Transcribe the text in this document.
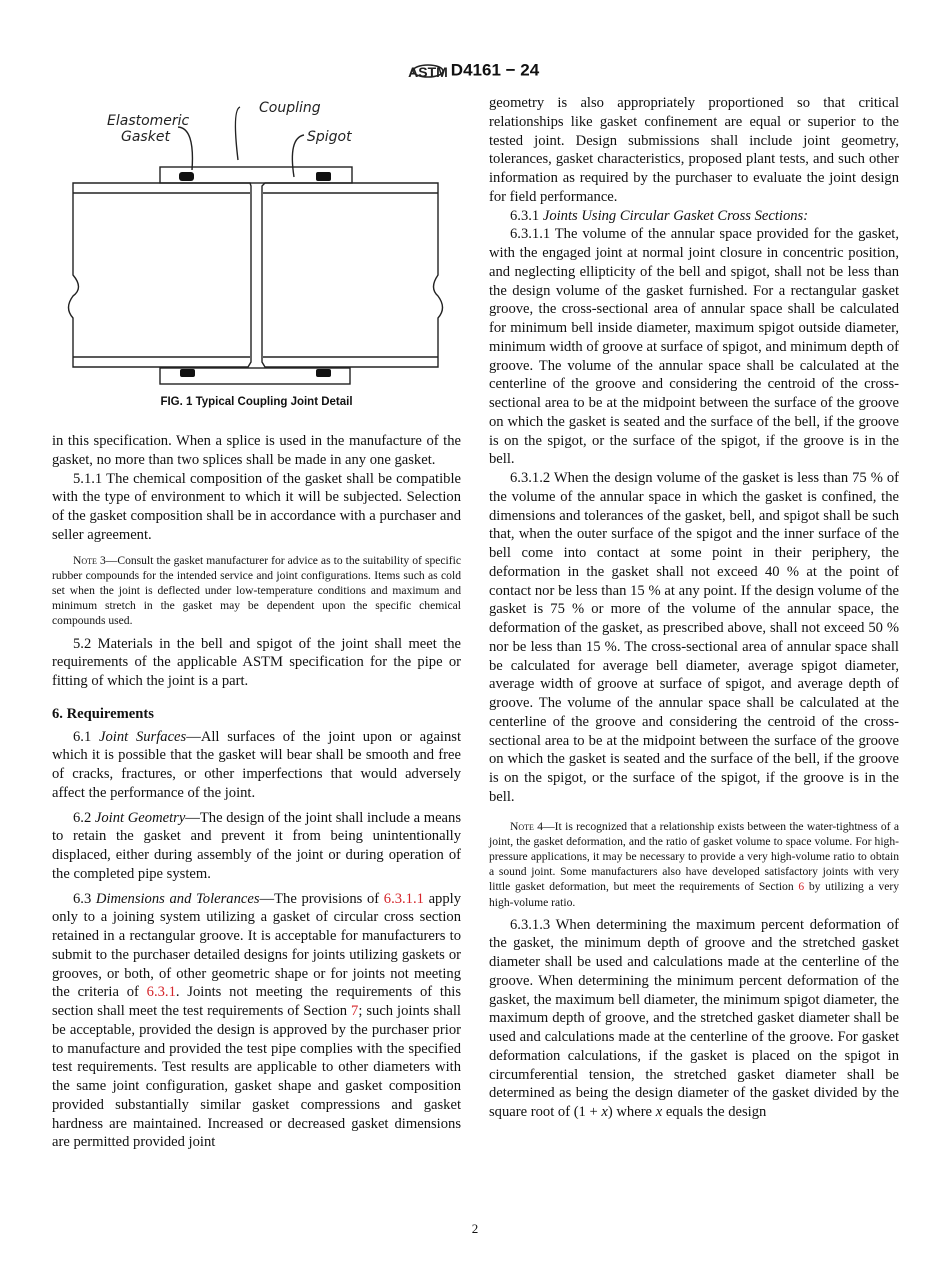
ASTM D4161 − 24
Coupling
Elastomeric
Gasket	Spigot
FIG. 1 Typical Coupling Joint Detail

in this specification. When a splice is used in the manufacture of the gasket, no more than two splices shall be made in any one gasket.

5.1.1 The chemical composition of the gasket shall be compatible with the type of environment to which it will be subjected. Selection of the gasket composition shall be in accordance with a purchaser and seller agreement.

Note 3—Consult the gasket manufacturer for advice as to the suitability of specific rubber compounds for the intended service and joint configurations. Items such as cold set when the joint is deflected under low-temperature conditions and maximum and minimum stretch in the gasket may be dependent upon the specific chemical compounds used.

5.2 Materials in the bell and spigot of the joint shall meet the requirements of the applicable ASTM specification for the pipe or fitting of which the joint is a part.

6. Requirements

6.1 Joint Surfaces—All surfaces of the joint upon or against which it is possible that the gasket will bear shall be smooth and free of cracks, fractures, or other imperfections that would adversely affect the performance of the joint.

6.2 Joint Geometry—The design of the joint shall include a means to retain the gasket and prevent it from being unintentionally displaced, either during assembly of the joint or during operation of the completed pipe system.

6.3 Dimensions and Tolerances—The provisions of 6.3.1.1 apply only to a joining system utilizing a gasket of circular cross section retained in a rectangular groove. It is acceptable for manufacturers to submit to the purchaser detailed designs for joints utilizing gaskets or grooves, or both, of other geometric shape or for joints not meeting the criteria of 6.3.1. Joints not meeting the requirements of this section shall meet the test requirements of Section 7; such joints shall be acceptable, provided the design is approved by the purchaser prior to manufacture and provided the test pipe complies with the specified test requirements. Test results are applicable to other diameters with the same joint configuration, gasket shape and gasket composition provided substantially similar gasket compressions and gasket hardness are maintained. Increased or decreased gasket dimensions are permitted provided joint

geometry is also appropriately proportioned so that critical relationships like gasket confinement are equal or superior to the tested joint. Design submissions shall include joint geometry, tolerances, gasket characteristics, proposed plant tests, and such other information as required by the purchaser to evaluate the joint design for field performance.

6.3.1 Joints Using Circular Gasket Cross Sections:

6.3.1.1 The volume of the annular space provided for the gasket, with the engaged joint at normal joint closure in concentric position, and neglecting ellipticity of the bell and spigot, shall not be less than the design volume of the gasket furnished. For a rectangular gasket groove, the cross-sectional area of annular space shall be calculated for minimum bell inside diameter, maximum spigot outside diameter, minimum width of groove at surface of spigot, and minimum depth of groove. The volume of the annular space shall be calculated at the centerline of the groove and considering the centroid of the cross-sectional area to be at the midpoint between the surface of the groove on which the gasket is seated and the surface of the bell, if the groove is on the spigot, or the surface of the spigot, if the groove is in the bell.

6.3.1.2 When the design volume of the gasket is less than 75 % of the volume of the annular space in which the gasket is confined, the dimensions and tolerances of the gasket, bell, and spigot shall be such that, when the outer surface of the spigot and the inner surface of the bell come into contact at some point in their periphery, the deformation in the gasket shall not exceed 40 % at the point of contact nor be less than 15 % at any point. If the design volume of the gasket is 75 % or more of the volume of the annular space, the deformation of the gasket, as prescribed above, shall not exceed 50 % nor be less than 15 %. The cross-sectional area of annular space shall be calculated for average bell diameter, average spigot diameter, average width of groove at surface of spigot, and average depth of groove. The volume of the annular space shall be calculated at the centerline of the groove and considering the centroid of the cross-sectional area to be at the midpoint between the surface of the groove on which the gasket is seated and the surface of the bell, if the groove is on the spigot, or the surface of the spigot, if the groove is in the bell.

Note 4—It is recognized that a relationship exists between the water-tightness of a joint, the gasket deformation, and the ratio of gasket volume to space volume. For high-pressure applications, it may be necessary to provide a very high-volume ratio to obtain a sound joint. Some manufacturers also have developed satisfactory joints with very little gasket deformation, but meet the requirements of Section 6 by utilizing a very high-volume ratio.

6.3.1.3 When determining the maximum percent deformation of the gasket, the minimum depth of groove and the stretched gasket diameter shall be used and calculations made at the centerline of the groove. When determining the minimum percent deformation of the gasket, the maximum bell diameter, the minimum spigot diameter, the maximum depth of groove, and the stretched gasket diameter shall be used and calculations made at the centerline of the groove. For gasket deformation calculations, if the gasket is placed on the spigot in circumferential tension, the stretched gasket diameter shall be determined as being the design diameter of the gasket divided by the square root of (1 + x) where x equals the design

2
